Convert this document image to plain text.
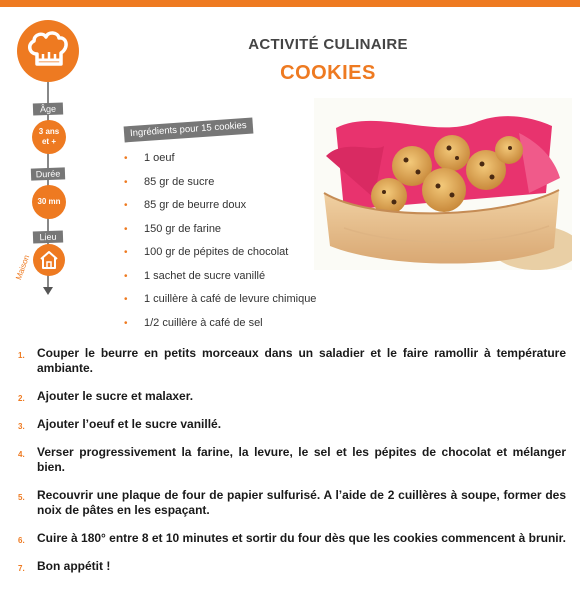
Âge
3 ans
et +
Durée
30 mn
Lieu
Maison
ACTIVITÉ CULINAIRE
COOKIES
Ingrédients pour 15 cookies
• 1 oeuf
• 85 gr de sucre
• 85 gr de beurre doux
• 150 gr de farine
• 100 gr de pépites de chocolat
• 1 sachet de sucre vanillé
• 1 cuillère à café de levure chimique
• 1/2 cuillère à café de sel
1. Couper le beurre en petits morceaux dans un saladier et le faire ramollir à température ambiante.
2. Ajouter le sucre et malaxer.
3. Ajouter l’oeuf et le sucre vanillé.
4. Verser progressivement la farine, la levure, le sel et les pépites de chocolat et mélanger bien.
5. Recouvrir une plaque de four de papier sulfurisé. A l’aide de 2 cuillères à soupe, former des noix de pâtes en les espaçant.
6. Cuire à 180° entre 8 et 10 minutes et sortir du four dès que les cookies commencent à brunir.
7. Bon appétit !
